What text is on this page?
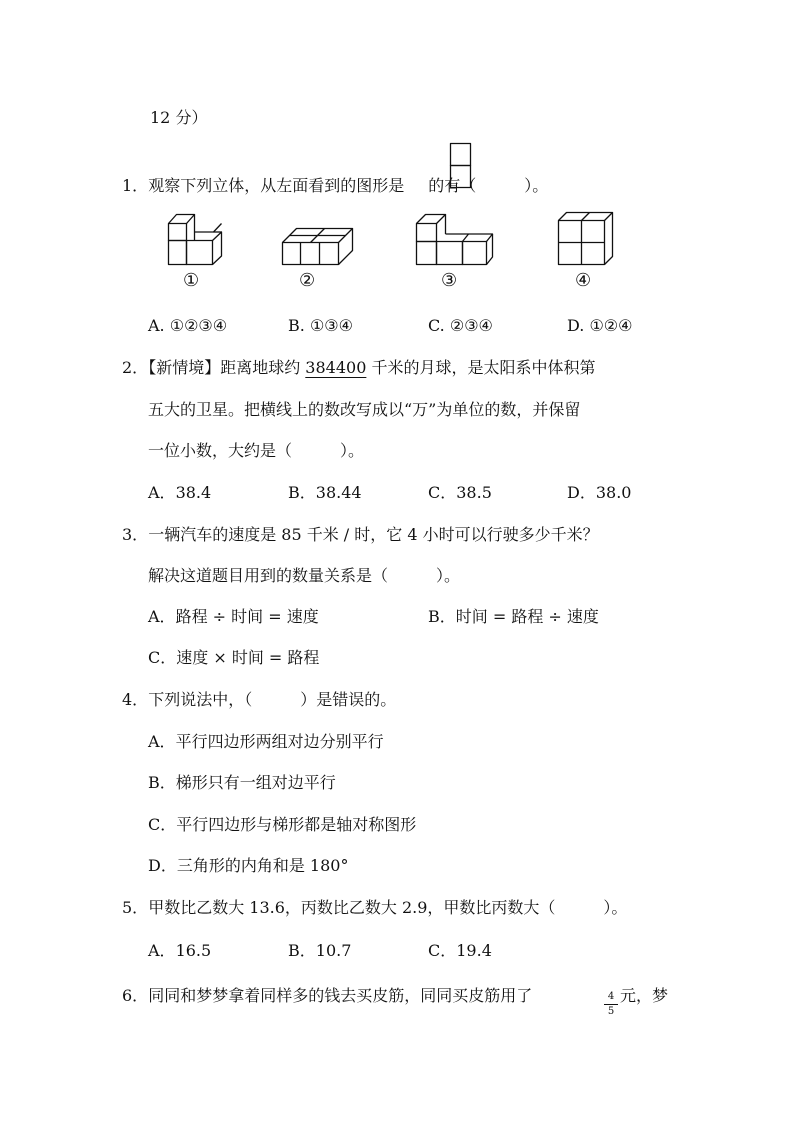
12 分）
1．观察下列立体，从左面看到的图形是 的有（　　　）。
①	②	③	④
A. ①②③④	B. ①③④	C. ②③④	D. ①②④
2．【新情境】距离地球约 384400 千米的月球，是太阳系中体积第
五大的卫星。把横线上的数改写成以“万”为单位的数，并保留
一位小数，大约是（　　　）。
A．38.4	B．38.44	C．38.5	D．38.0
3．一辆汽车的速度是 85 千米 / 时，它 4 小时可以行驶多少千米？
解决这道题目用到的数量关系是（　　　）。
A．路程 ÷ 时间 = 速度	B．时间 = 路程 ÷ 速度
C．速度 × 时间 = 路程
4．下列说法中，（　　　）是错误的。
A．平行四边形两组对边分别平行
B．梯形只有一组对边平行
C．平行四边形与梯形都是轴对称图形
D．三角形的内角和是 180°
5．甲数比乙数大 13.6，丙数比乙数大 2.9，甲数比丙数大（　　　）。
A．16.5	B．10.7	C．19.4
6．同同和梦梦拿着同样多的钱去买皮筋，同同买皮筋用了	4
5
元，梦
